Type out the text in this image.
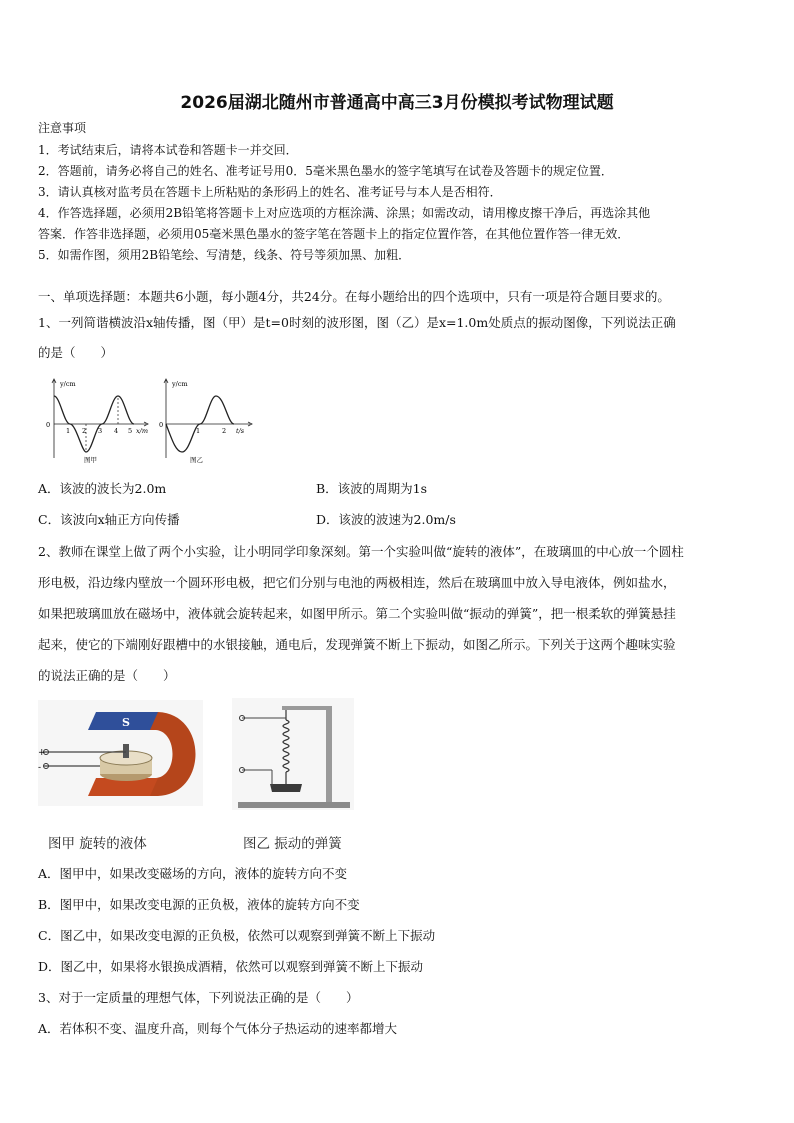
2026届湖北随州市普通高中高三3月份模拟考试物理试题
注意事项
1．考试结束后，请将本试卷和答题卡一并交回．
2．答题前，请务必将自己的姓名、准考证号用0．5毫米黑色墨水的签字笔填写在试卷及答题卡的规定位置．
3．请认真核对监考员在答题卡上所粘贴的条形码上的姓名、准考证号与本人是否相符．
4．作答选择题，必须用2B铅笔将答题卡上对应选项的方框涂满、涂黑；如需改动，请用橡皮擦干净后，再选涂其他
答案．作答非选择题，必须用05毫米黑色墨水的签字笔在答题卡上的指定位置作答，在其他位置作答一律无效．
5．如需作图，须用2B铅笔绘、写清楚，线条、符号等须加黑、加粗．
一、单项选择题：本题共6小题，每小题4分，共24分。在每小题给出的四个选项中，只有一项是符合题目要求的。
1、一列简谐横波沿x轴传播，图（甲）是t=0时刻的波形图，图（乙）是x=1.0m处质点的振动图像，下列说法正确
的是（　　）
y/cm
x/m
0
1 2 3 4 5
图甲
y/cm
t/s
0
1	2
图乙
A．该波的波长为2.0m	B．该波的周期为1s
C．该波向x轴正方向传播	D．该波的波速为2.0m/s
2、教师在课堂上做了两个小实验，让小明同学印象深刻。第一个实验叫做“旋转的液体”，在玻璃皿的中心放一个圆柱
形电极，沿边缘内壁放一个圆环形电极，把它们分别与电池的两极相连，然后在玻璃皿中放入导电液体，例如盐水，
如果把玻璃皿放在磁场中，液体就会旋转起来，如图甲所示。第二个实验叫做“振动的弹簧”，把一根柔软的弹簧悬挂
起来，使它的下端刚好跟槽中的水银接触，通电后，发现弹簧不断上下振动，如图乙所示。下列关于这两个趣味实验
的说法正确的是（　　）
S
+
-
图甲 旋转的液体	图乙 振动的弹簧
A．图甲中，如果改变磁场的方向，液体的旋转方向不变
B．图甲中，如果改变电源的正负极，液体的旋转方向不变
C．图乙中，如果改变电源的正负极，依然可以观察到弹簧不断上下振动
D．图乙中，如果将水银换成酒精，依然可以观察到弹簧不断上下振动
3、对于一定质量的理想气体，下列说法正确的是（　　）
A．若体积不变、温度升高，则每个气体分子热运动的速率都增大
